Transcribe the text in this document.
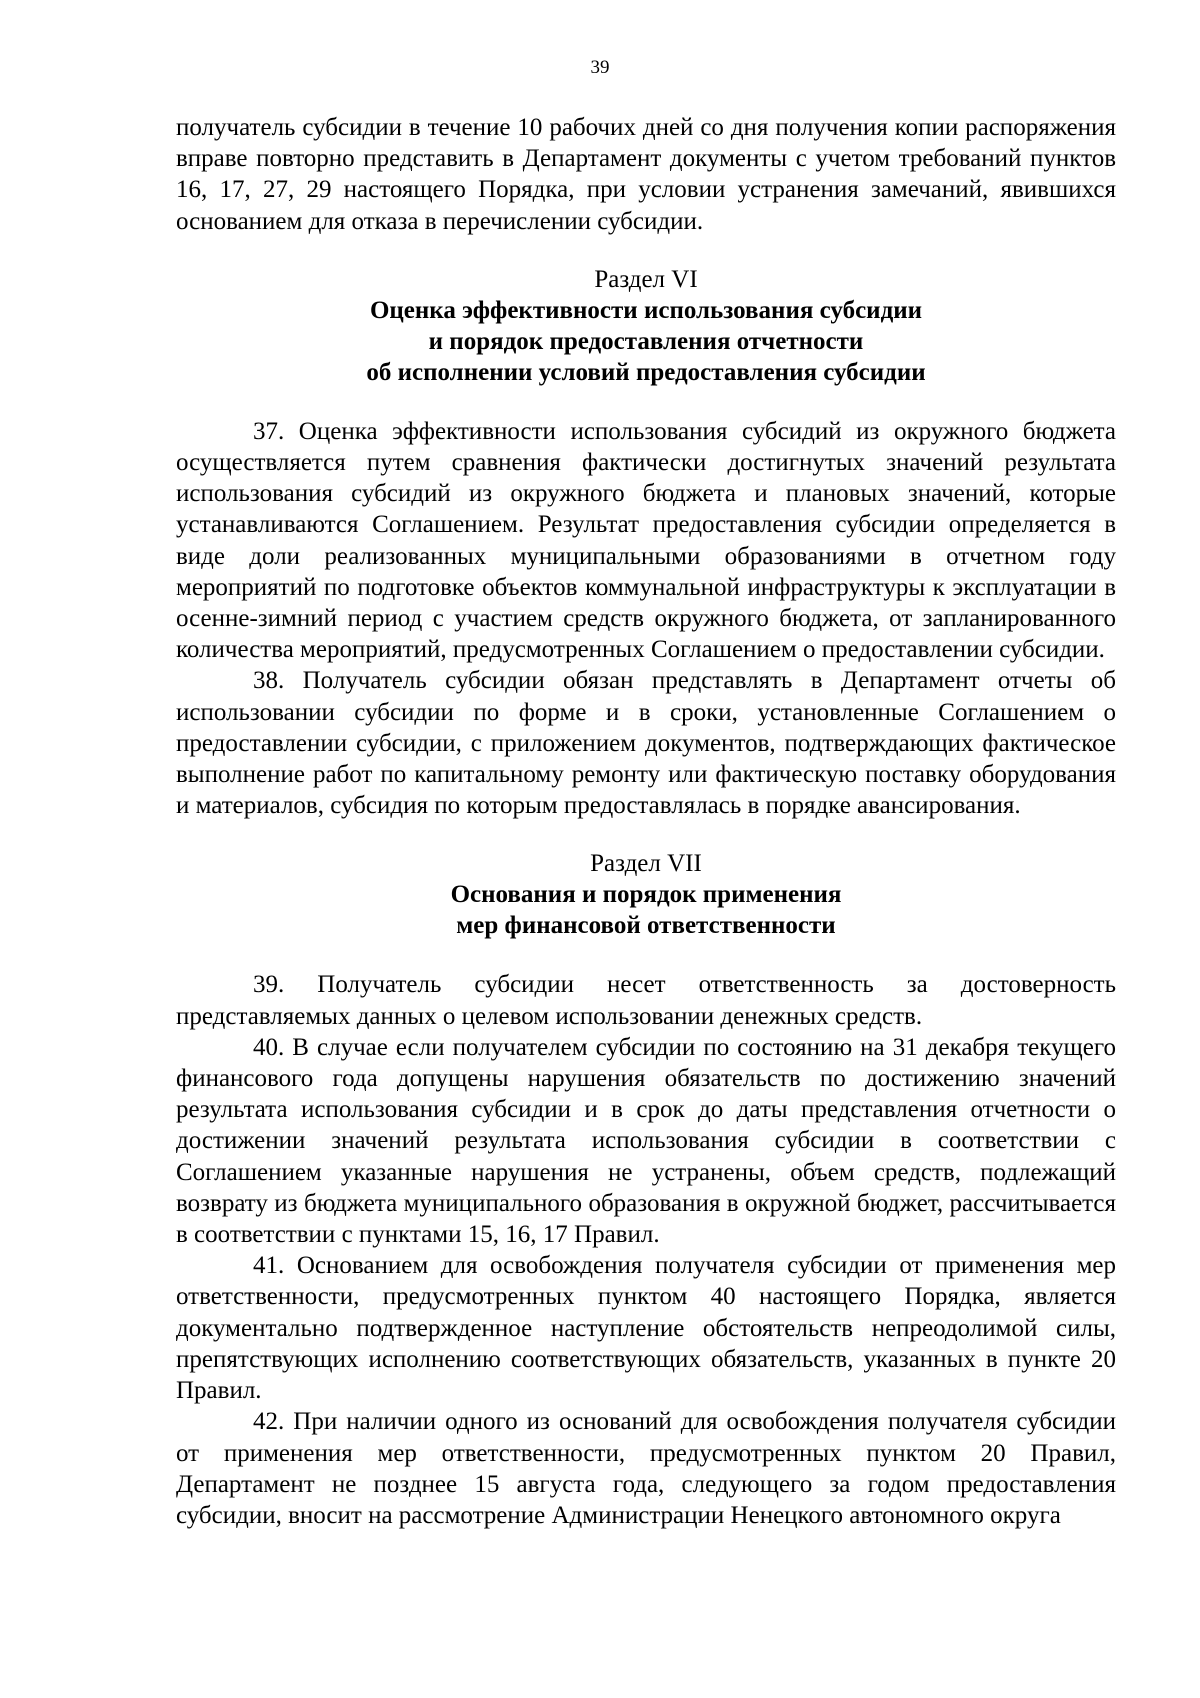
39

получатель субсидии в течение 10 рабочих дней со дня получения копии распоряжения вправе повторно представить в Департамент документы с учетом требований пунктов 16, 17, 27, 29 настоящего Порядка, при условии устранения замечаний, явившихся основанием для отказа в перечислении субсидии.

Раздел VI
Оценка эффективности использования субсидии
и порядок предоставления отчетности
об исполнении условий предоставления субсидии

37. Оценка эффективности использования субсидий из окружного бюджета осуществляется путем сравнения фактически достигнутых значений результата использования субсидий из окружного бюджета и плановых значений, которые устанавливаются Соглашением. Результат предоставления субсидии определяется в виде доли реализованных муниципальными образованиями в отчетном году мероприятий по подготовке объектов коммунальной инфраструктуры к эксплуатации в осенне-зимний период с участием средств окружного бюджета, от запланированного количества мероприятий, предусмотренных Соглашением о предоставлении субсидии.

38. Получатель субсидии обязан представлять в Департамент отчеты об использовании субсидии по форме и в сроки, установленные Соглашением о предоставлении субсидии, с приложением документов, подтверждающих фактическое выполнение работ по капитальному ремонту или фактическую поставку оборудования и материалов, субсидия по которым предоставлялась в порядке авансирования.

Раздел VII
Основания и порядок применения
мер финансовой ответственности

39. Получатель субсидии несет ответственность за достоверность представляемых данных о целевом использовании денежных средств.

40. В случае если получателем субсидии по состоянию на 31 декабря текущего финансового года допущены нарушения обязательств по достижению значений результата использования субсидии и в срок до даты представления отчетности о достижении значений результата использования субсидии в соответствии с Соглашением указанные нарушения не устранены, объем средств, подлежащий возврату из бюджета муниципального образования в окружной бюджет, рассчитывается в соответствии с пунктами 15, 16, 17 Правил.

41. Основанием для освобождения получателя субсидии от применения мер ответственности, предусмотренных пунктом 40 настоящего Порядка, является документально подтвержденное наступление обстоятельств непреодолимой силы, препятствующих исполнению соответствующих обязательств, указанных в пункте 20 Правил.

42. При наличии одного из оснований для освобождения получателя субсидии от применения мер ответственности, предусмотренных пунктом 20 Правил, Департамент не позднее 15 августа года, следующего за годом предоставления субсидии, вносит на рассмотрение Администрации Ненецкого автономного округа
